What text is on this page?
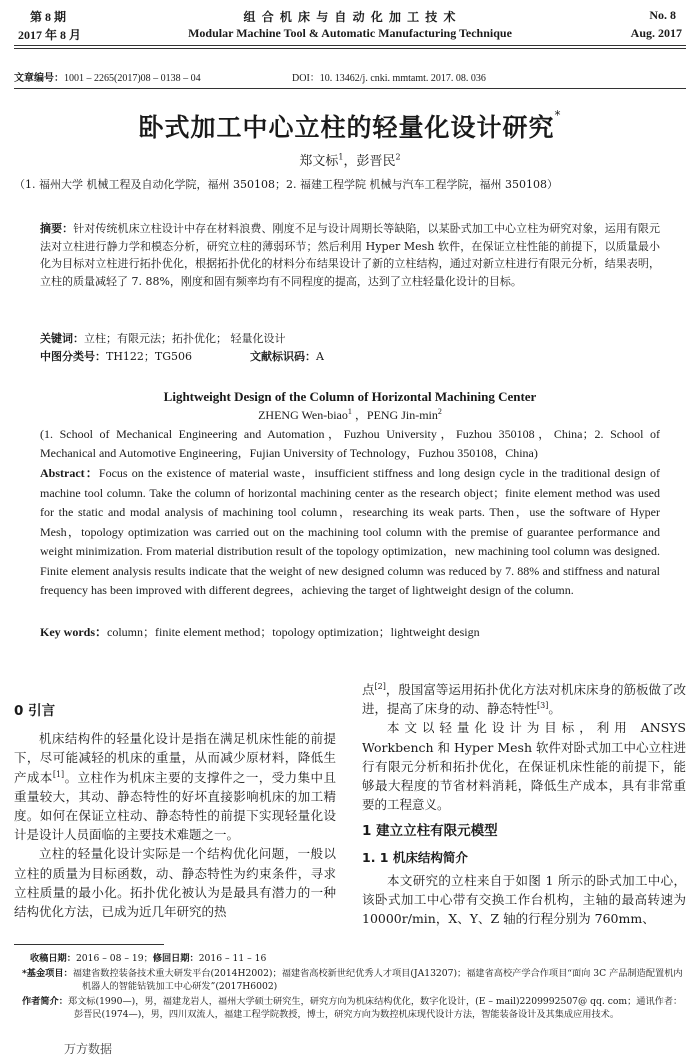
第 8 期
2017 年 8 月
组 合 机 床 与 自 动 化 加 工 技 术
Modular Machine Tool & Automatic Manufacturing Technique
No. 8
Aug. 2017
文章编号：1001 – 2265(2017)08 – 0138 – 04	DOI：10. 13462/j. cnki. mmtamt. 2017. 08. 036
卧式加工中心立柱的轻量化设计研究*
郑文标$^1$，彭晋民$^2$
（1. 福州大学 机械工程及自动化学院，福州 350108；2. 福建工程学院 机械与汽车工程学院，福州 350108）
摘要：针对传统机床立柱设计中存在材料浪费、刚度不足与设计周期长等缺陷，以某卧式加工中心立柱为研究对象，运用有限元法对立柱进行静力学和模态分析，研究立柱的薄弱环节；然后利用 Hyper Mesh 软件，在保证立柱性能的前提下，以质量最小化为目标对立柱进行拓扑优化，根据拓扑优化的材料分布结果设计了新的立柱结构，通过对新立柱进行有限元分析，结果表明，立柱的质量减轻了 7. 88%，刚度和固有频率均有不同程度的提高，达到了立柱轻量化设计的目标。
关键词：立柱；有限元法；拓扑优化； 轻量化设计
中图分类号：TH122；TG506	文献标识码：A
Lightweight Design of the Column of Horizontal Machining Center
ZHENG Wen-biao$^1$ ，PENG Jin-$\min^2$
(1. School of Mechanical Engineering and Automation，Fuzhou University，Fuzhou 350108，China；2. School of Mechanical and Automotive Engineering，Fujian University of Technology，Fuzhou 350108，China)
Abstract：Focus on the existence of material waste，insufficient stiffness and long design cycle in the traditional design of machine tool column. Take the column of horizontal machining center as the research object；finite element method was used for the static and modal analysis of machining tool column，researching its weak parts. Then，use the software of Hyper Mesh，topology optimization was carried out on the machining tool column with the premise of guarantee performance and weight minimization. From material distribution result of the topology optimization，new machining tool column was designed. Finite element analysis results indicate that the weight of new designed column was reduced by 7. 88% and stiffness and natural frequency has been improved with different degrees，achieving the target of lightweight design of the column.
Key words：column；finite element method；topology optimization；lightweight design

0 引言

机床结构件的轻量化设计是指在满足机床性能的前提下，尽可能减轻的机床的重量，从而减少原材料，降低生产成本[1]。立柱作为机床主要的支撑件之一，受力集中且重量较大，其动、静态特性的好坏直接影响机床的加工精度。如何在保证立柱动、静态特性的前提下实现轻量化设计是设计人员面临的主要技术难题之一。

立柱的轻量化设计实际是一个结构优化问题，一般以立柱的质量为目标函数，动、静态特性为约束条件，寻求立柱质量的最小化。拓扑优化被认为是最具有潜力的一种结构优化方法，已成为近几年研究的热

点[2]，殷国富等运用拓扑优化方法对机床床身的筋板做了改进，提高了床身的动、静态特性[3]。

本文以轻量化设计为目标，利用 ANSYS Workbench 和 Hyper Mesh 软件对卧式加工中心立柱进行有限元分析和拓扑优化，在保证机床性能的前提下，能够最大程度的节省材料消耗，降低生产成本，具有非常重要的工程意义。

1 建立立柱有限元模型

1. 1 机床结构简介

本文研究的立柱来自于如图 1 所示的卧式加工中心，该卧式加工中心带有交换工作台机构，主轴的最高转速为 10000r/min，X、Y、Z 轴的行程分别为 760mm、

收稿日期：2016 – 08 – 19；修回日期：2016 – 11 – 16
*基金项目：福建省数控装备技术重大研发平台(2014H2002)；福建省高校新世纪优秀人才项目(JA13207)；福建省高校产学合作项目“面向 3C 产品制造配置机内机器人的智能钻铣加工中心研发”(2017H6002)
作者简介：郑文标(1990—)，男，福建龙岩人，福州大学硕士研究生，研究方向为机床结构优化，数字化设计，(E – mail)2209992507@ qq. com；通讯作者：彭晋民(1974—)，男，四川双流人，福建工程学院教授，博士，研究方向为数控机床现代设计方法，智能装备设计及其集成应用技术。
万方数据
